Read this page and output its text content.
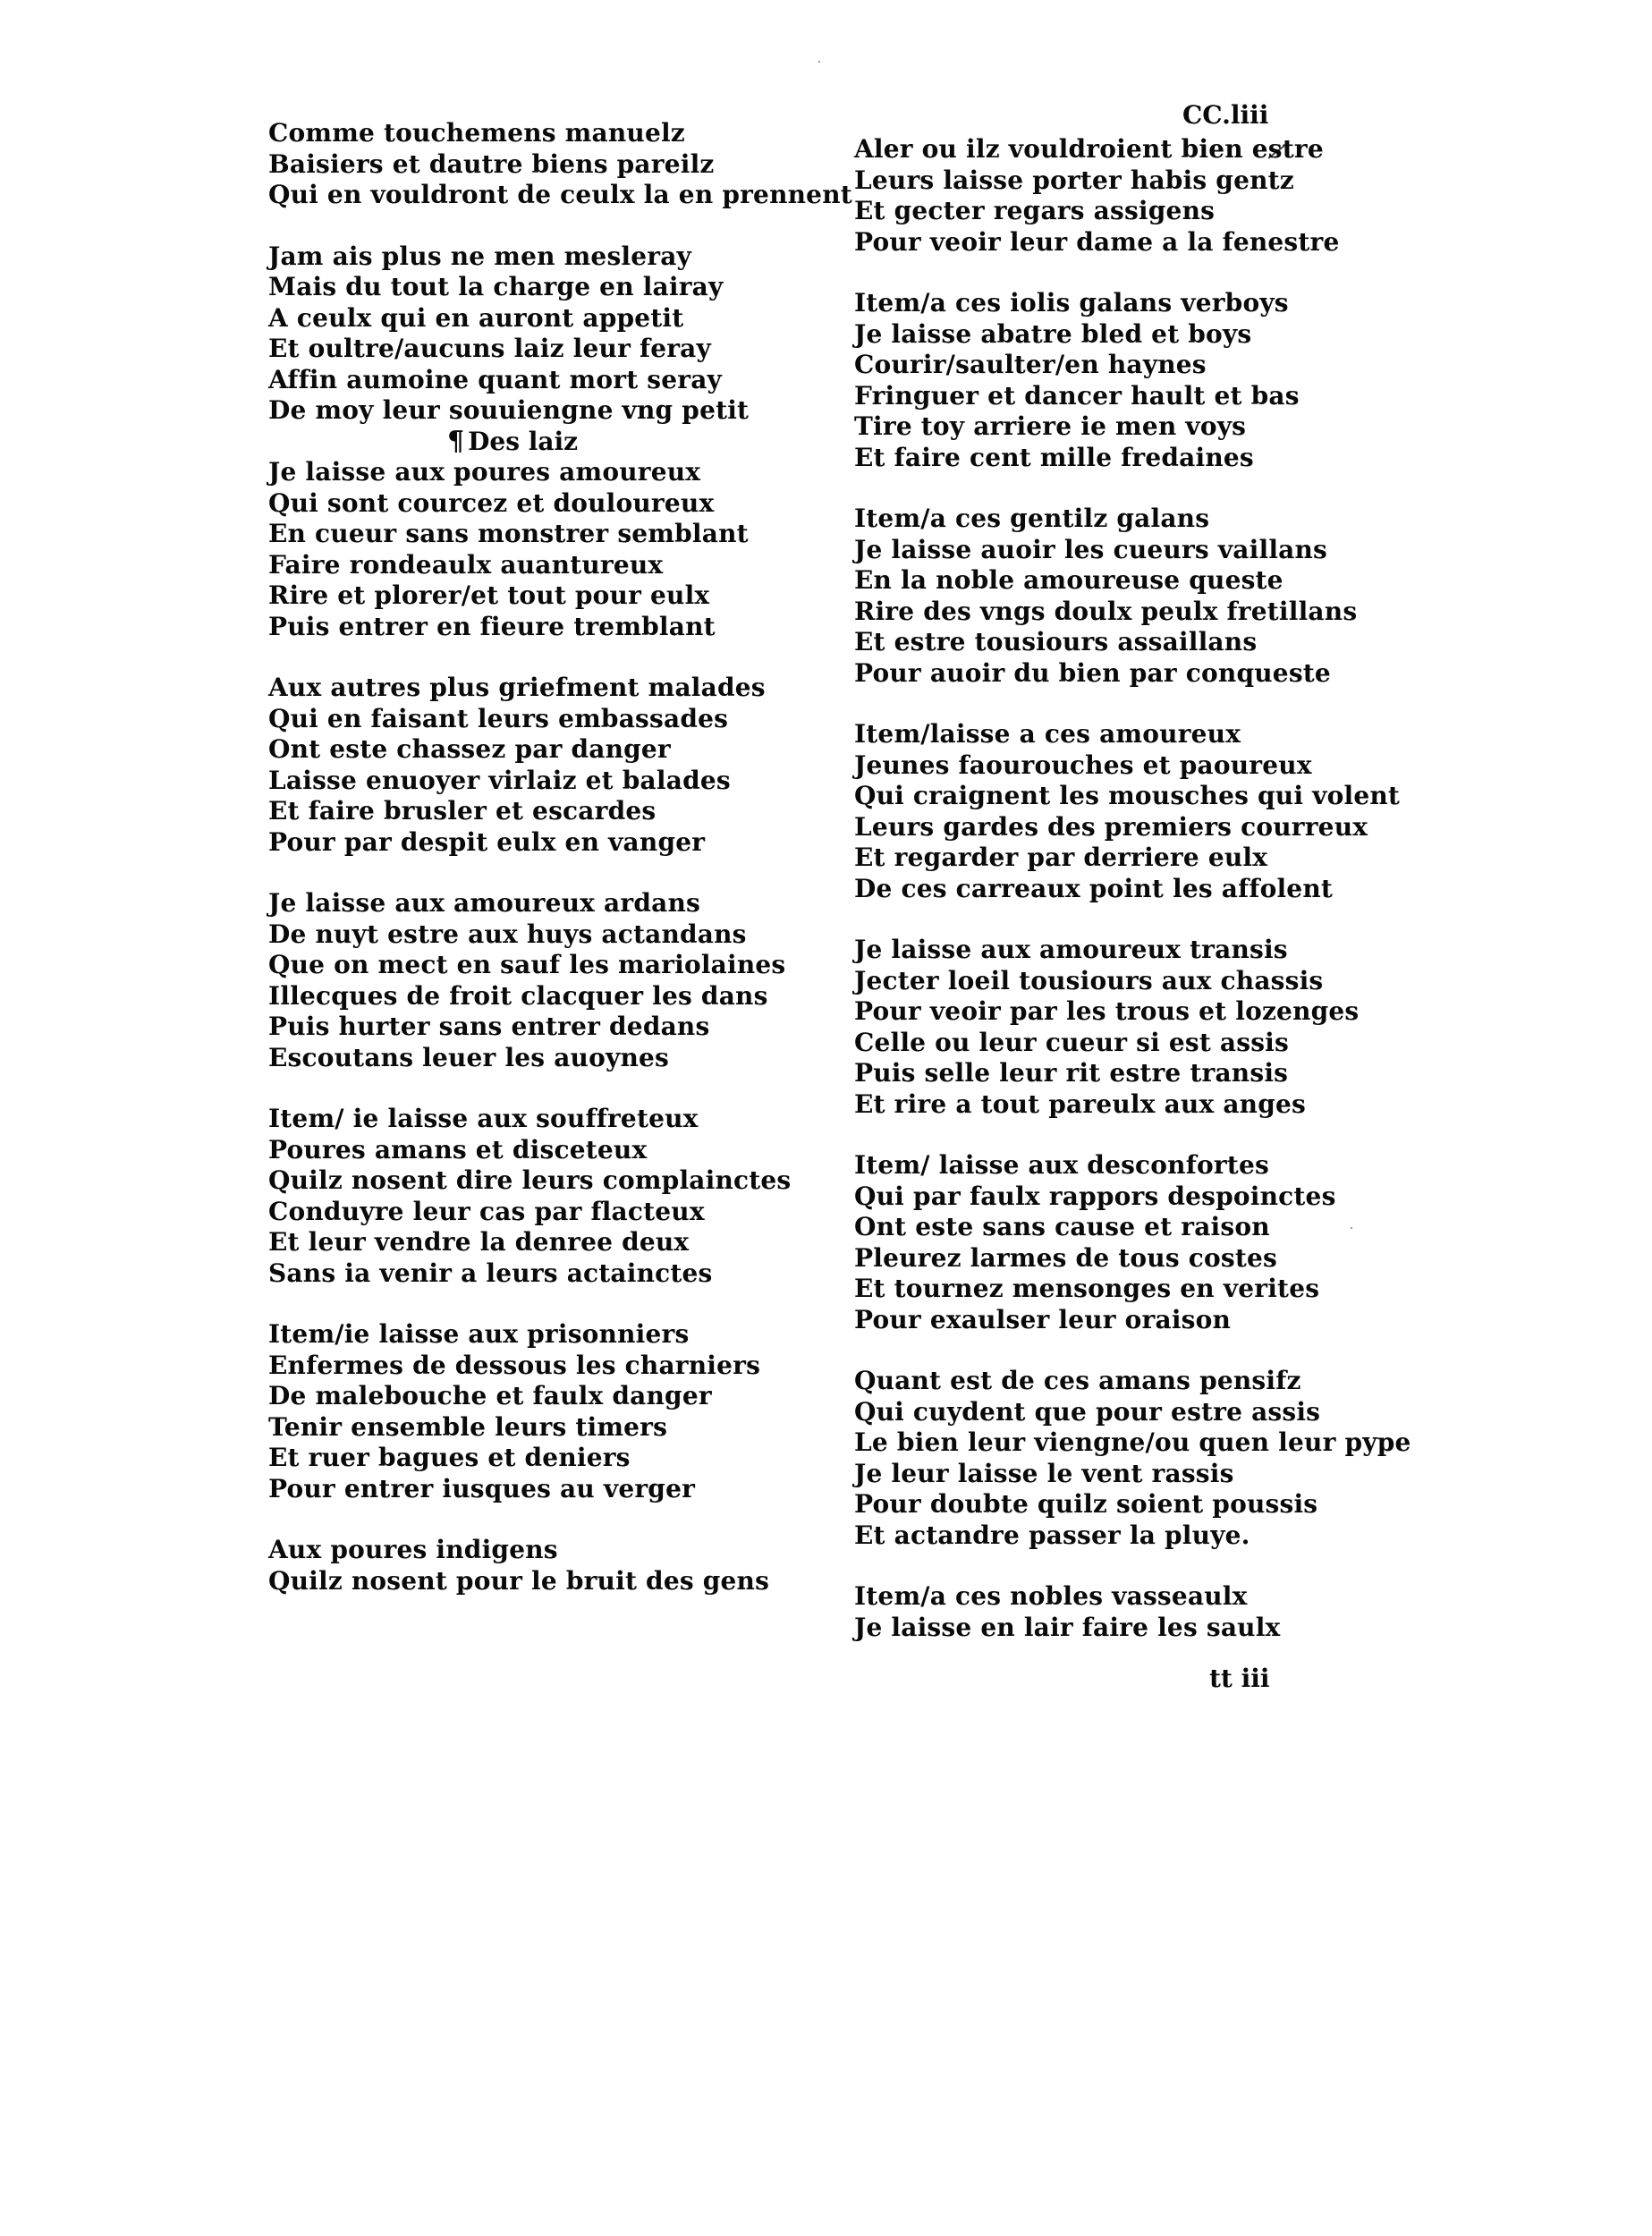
CC.liii
Comme touchemens manuelz
Baisiers et dautre biens pareilz
Qui en vouldront de ceulx la en prennent
Jam ais plus ne men mesleray
Mais du tout la charge en lairay
A ceulx qui en auront appetit
Et oultre/aucuns laiz leur feray
Affin aumoine quant mort seray
De moy leur souuiengne vng petit
¶ Des laiz
Je laisse aux poures amoureux
Qui sont courcez et douloureux
En cueur sans monstrer semblant
Faire rondeaulx auantureux
Rire et plorer/et tout pour eulx
Puis entrer en fieure tremblant
Aux autres plus griefment malades
Qui en faisant leurs embassades
Ont este chassez par danger
Laisse enuoyer virlaiz et balades
Et faire brusler et escardes
Pour par despit eulx en vanger
Je laisse aux amoureux ardans
De nuyt estre aux huys actandans
Que on mect en sauf les mariolaines
Illecques de froit clacquer les dans
Puis hurter sans entrer dedans
Escoutans leuer les auoynes
Item/ ie laisse aux souffreteux
Poures amans et disceteux
Quilz nosent dire leurs complainctes
Conduyre leur cas par flacteux
Et leur vendre la denree deux
Sans ia venir a leurs actainctes
Item/ie laisse aux prisonniers
Enfermes de dessous les charniers
De malebouche et faulx danger
Tenir ensemble leurs timers
Et ruer bagues et deniers
Pour entrer iusques au verger
Aux poures indigens
Quilz nosent pour le bruit des gens
Aler ou ilz vouldroient bien estre
Leurs laisse porter habis gentz
Et gecter regars assigens
Pour veoir leur dame a la fenestre
Item/a ces iolis galans verboys
Je laisse abatre bled et boys
Courir/saulter/en haynes
Fringuer et dancer hault et bas
Tire toy arriere ie men voys
Et faire cent mille fredaines
Item/a ces gentilz galans
Je laisse auoir les cueurs vaillans
En la noble amoureuse queste
Rire des vngs doulx peulx fretillans
Et estre tousiours assaillans
Pour auoir du bien par conqueste
Item/laisse a ces amoureux
Jeunes faourouches et paoureux
Qui craignent les mousches qui volent
Leurs gardes des premiers courreux
Et regarder par derriere eulx
De ces carreaux point les affolent
Je laisse aux amoureux transis
Jecter loeil tousiours aux chassis
Pour veoir par les trous et lozenges
Celle ou leur cueur si est assis
Puis selle leur rit estre transis
Et rire a tout pareulx aux anges
Item/ laisse aux desconfortes
Qui par faulx rappors despoinctes
Ont este sans cause et raison
Pleurez larmes de tous costes
Et tournez mensonges en verites
Pour exaulser leur oraison
Quant est de ces amans pensifz
Qui cuydent que pour estre assis
Le bien leur viengne/ou quen leur pype
Je leur laisse le vent rassis
Pour doubte quilz soient poussis
Et actandre passer la pluye.
Item/a ces nobles vasseaulx
Je laisse en lair faire les saulx
tt iii
